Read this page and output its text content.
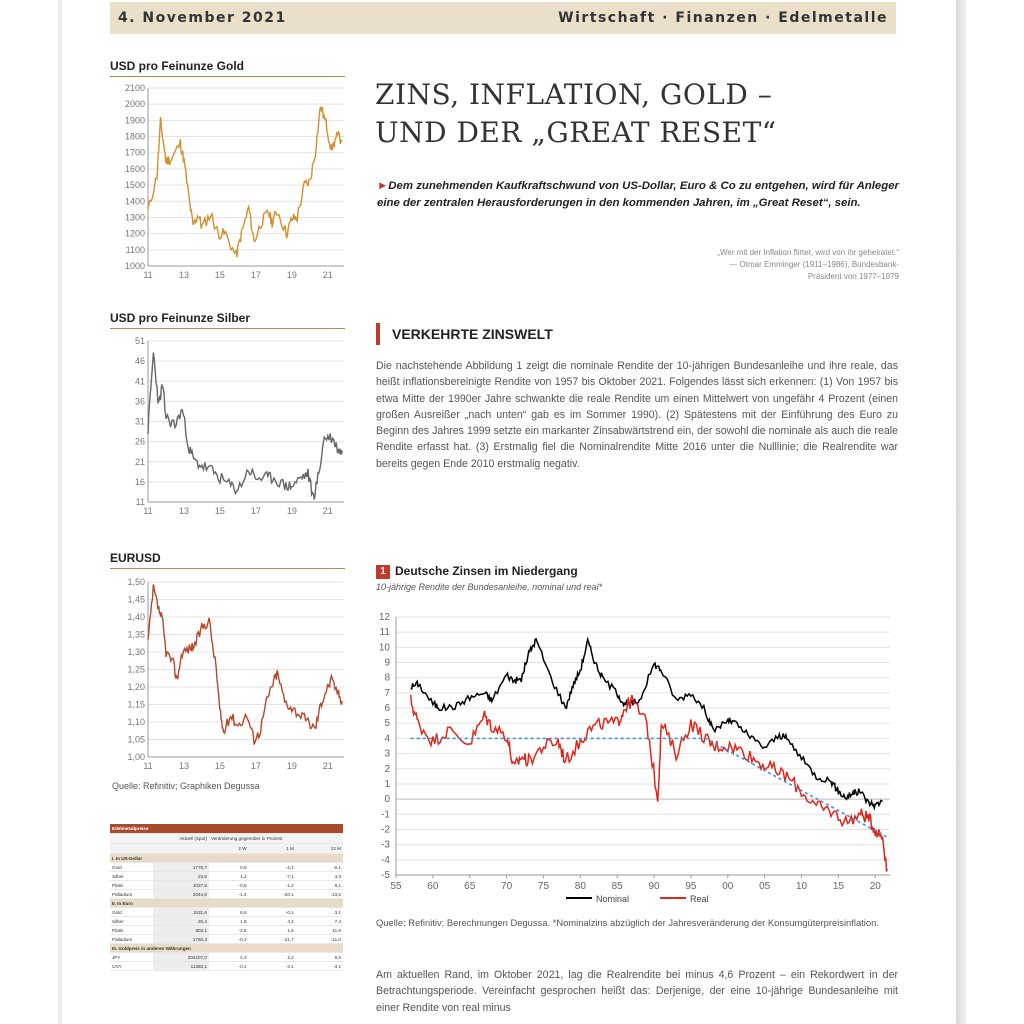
4. November 2021	Wirtschaft · Finanzen · Edelmetalle
USD pro Feinunze Gold
2100
2000
1900
1800
1700
1600
1500
1400
1300
1200
1100
1000
11	13	15	17	19	21
USD pro Feinunze Silber
51
46
41
36
31
26
21
16
11
11	13	15	17	19	21
EURUSD
1,50
1,45
1,40
1,35
1,30
1,25
1,20
1,15
1,10
1,05
1,00
11	13	15	17	19	21
Quelle: Refinitiv; Graphiken Degussa
Edelmetallpreise				
	Aktuell (Spot)	Veränderung gegenüber in Prozent		
		2 W	1 M	12 M
I. In US-Dollar				
Gold	1776,7	0,6	-2,1	-0,1
Silber	23,6	1,2	-7,1	4,3
Platin	1037,5	-0,5	-1,2	8,1
Palladium	2044,6	-1,4	-20,1	-13,6
II. In Euro				
Gold	1531,6	6,6	-0,1	3,1
Silber	20,4	1,8	4,4	7,4
Platin	902,1	-2,6	1,6	11,9
Palladium	1760,3	-0,3	-21,7	-11,0
III. Goldpreis in anderen Währungen				
JPY	204207,0	4,3	2,2	6,5
CNY	11360,1	-0,2	-3,1	-3,1
ZINS, INFLATION, GOLD –
UND DER „GREAT RESET“
►Dem zunehmenden Kaufkraftschwund von US-Dollar, Euro & Co zu entgehen, wird für Anleger eine der zentralen Herausforderungen in den kommenden Jahren, im „Great Reset“, sein.
„Wer mit der Inflation flirtet, wird von ihr geheiratet.“
— Otmar Emminger (1911–1986), Bundesbank-
Präsident von 1977–1979
VERKEHRTE ZINSWELT
Die nachstehende Abbildung 1 zeigt die nominale Rendite der 10-jährigen Bundesanleihe und ihre reale, das heißt inflationsbereinigte Rendite von 1957 bis Oktober 2021. Folgendes lässt sich erkennen: (1) Von 1957 bis etwa Mitte der 1990er Jahre schwankte die reale Rendite um einen Mittelwert von ungefähr 4 Prozent (einen großen Ausreißer „nach unten“ gab es im Sommer 1990). (2) Spätestens mit der Einführung des Euro zu Beginn des Jahres 1999 setzte ein markanter Zinsabwärtstrend ein, der sowohl die nominale als auch die reale Rendite erfasst hat. (3) Erstmalig fiel die Nominalrendite Mitte 2016 unter die Nulllinie; die Realrendite war bereits gegen Ende 2010 erstmalig negativ.
1 Deutsche Zinsen im Niedergang
10-jährige Rendite der Bundesanleihe, nominal und real*
12
11
10
9
8
7
6
5
4
3
2
1
0
-1
-2
-3
-4
-5
55	60	65	70	75	80	85	90	95	00	05	10	15	20
Nominal	Real
Quelle: Refinitiv; Berechnungen Degussa. *Nominalzins abzüglich der Jahresveränderung der Konsumgüterpreisinflation.
Am aktuellen Rand, im Oktober 2021, lag die Realrendite bei minus 4,6 Prozent – ein Rekordwert in der Betrachtungsperiode. Vereinfacht gesprochen heißt das: Derjenige, der eine 10-jährige Bundesanleihe mit einer Rendite von real minus
